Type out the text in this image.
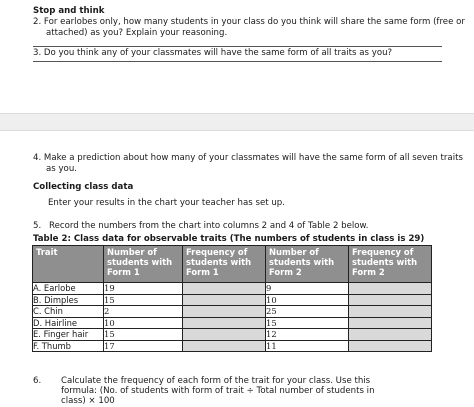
Stop and think
2. For earlobes only, how many students in your class do you think will share the same form (free or
attached) as you? Explain your reasoning.
3. Do you think any of your classmates will have the same form of all traits as you?
4. Make a prediction about how many of your classmates will have the same form of all seven traits
as you.
Collecting class data
Enter your results in the chart your teacher has set up.
5. Record the numbers from the chart into columns 2 and 4 of Table 2 below.
Table 2: Class data for observable traits (The numbers of students in class is 29)
Trait	Number of students with Form 1	Frequency of students with Form 1	Number of students with Form 2	Frequency of students with Form 2
A. Earlobe	19		9	
B. Dimples	15		10	
C. Chin	2		25	
D. Hairline	10		15	
E. Finger hair	15		12	
F. Thumb	17		11	
6. Calculate the frequency of each form of the trait for your class. Use this
formula: (No. of students with form of trait ÷ Total number of students in
class) × 100
